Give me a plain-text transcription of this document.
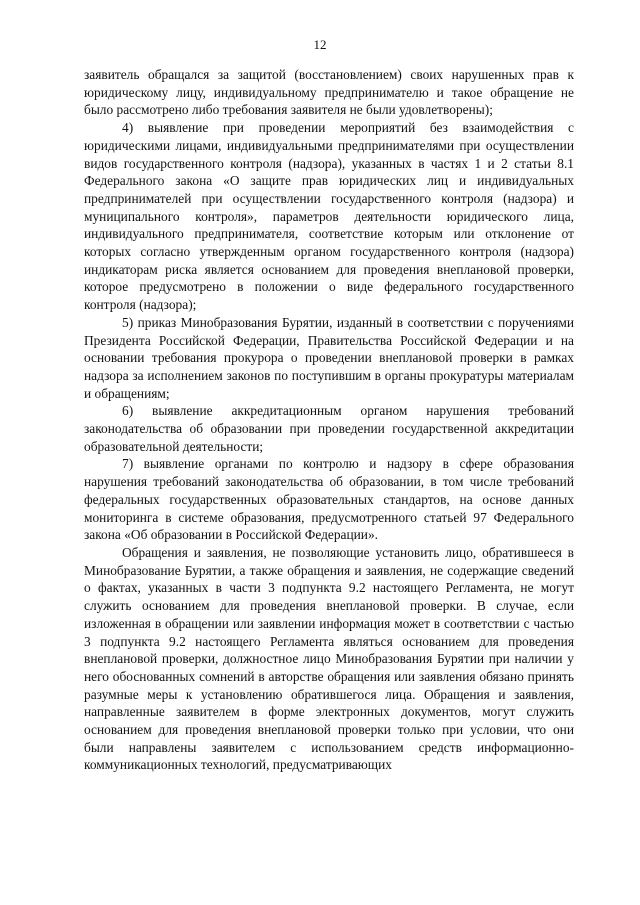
12

заявитель обращался за защитой (восстановлением) своих нарушенных прав к юридическому лицу, индивидуальному предпринимателю и такое обращение не было рассмотрено либо требования заявителя не были удовлетворены);

4) выявление при проведении мероприятий без взаимодействия с юридическими лицами, индивидуальными предпринимателями при осуществлении видов государственного контроля (надзора), указанных в частях 1 и 2 статьи 8.1 Федерального закона «О защите прав юридических лиц и индивидуальных предпринимателей при осуществлении государственного контроля (надзора) и муниципального контроля», параметров деятельности юридического лица, индивидуального предпринимателя, соответствие которым или отклонение от которых согласно утвержденным органом государственного контроля (надзора) индикаторам риска является основанием для проведения внеплановой проверки, которое предусмотрено в положении о виде федерального государственного контроля (надзора);

5) приказ Минобразования Бурятии, изданный в соответствии с поручениями Президента Российской Федерации, Правительства Российской Федерации и на основании требования прокурора о проведении внеплановой проверки в рамках надзора за исполнением законов по поступившим в органы прокуратуры материалам и обращениям;

6) выявление аккредитационным органом нарушения требований законодательства об образовании при проведении государственной аккредитации образовательной деятельности;

7) выявление органами по контролю и надзору в сфере образования нарушения требований законодательства об образовании, в том числе требований федеральных государственных образовательных стандартов, на основе данных мониторинга в системе образования, предусмотренного статьей 97 Федерального закона «Об образовании в Российской Федерации».

Обращения и заявления, не позволяющие установить лицо, обратившееся в Минобразование Бурятии, а также обращения и заявления, не содержащие сведений о фактах, указанных в части 3 подпункта 9.2 настоящего Регламента, не могут служить основанием для проведения внеплановой проверки. В случае, если изложенная в обращении или заявлении информация может в соответствии с частью 3 подпункта 9.2 настоящего Регламента являться основанием для проведения внеплановой проверки, должностное лицо Минобразования Бурятии при наличии у него обоснованных сомнений в авторстве обращения или заявления обязано принять разумные меры к установлению обратившегося лица. Обращения и заявления, направленные заявителем в форме электронных документов, могут служить основанием для проведения внеплановой проверки только при условии, что они были направлены заявителем с использованием средств информационно-коммуникационных технологий, предусматривающих
